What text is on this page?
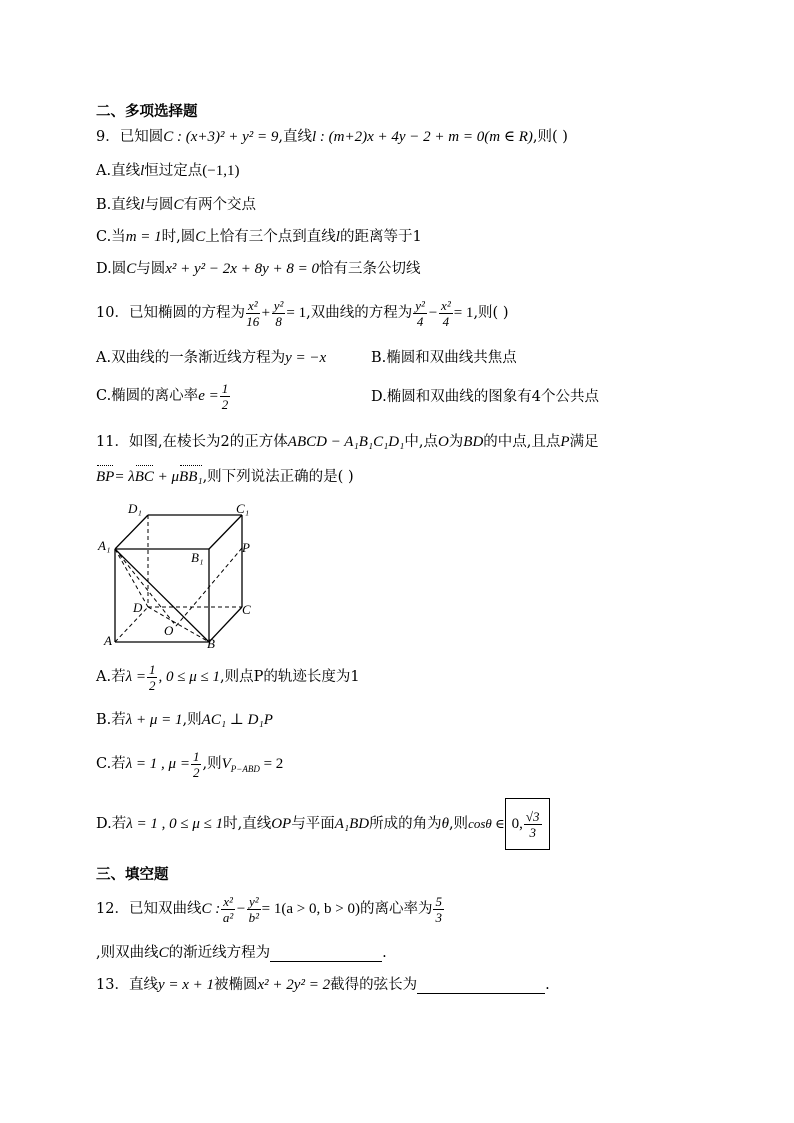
二、多项选择题
9．已知圆C : (x+3)² + y² = 9,直线l : (m+2)x + 4y − 2 + m = 0(m ∈ R),则( )
A.直线l恒过定点(−1,1)
B.直线l与圆C有两个交点
C.当m = 1时,圆C上恰有三个点到直线l的距离等于1
D.圆C与圆x² + y² − 2x + 8y + 8 = 0恰有三条公切线
10．已知椭圆的方程为 $\frac{\text{x²}}{16} + \frac{\text{y²}}{8} = 1$,双曲线的方程为 $\frac{\text{y²}}{4} - \frac{\text{x²}}{4} = 1$,则( )
A.双曲线的一条渐近线方程为y = −x	B.椭圆和双曲线共焦点
C.椭圆的离心率$e = \frac{1}{2}$	D.椭圆和双曲线的图象有4个公共点
11．如图,在棱长为2的正方体ABCD − A₁B₁C₁D₁中,点O为BD的中点,且点P满足
BP= λBC + μBB₁,则下列说法正确的是( )
D₁	C₁
A₁
B₁
P
D	C
A	B
O
A.若$\lambda = \frac{1}{2}$ , 0 ≤ μ ≤ 1,则点P的轨迹长度为1
B.若λ + μ = 1,则AC₁ ⊥ D₁P
C.若λ = 1 , $\mu = \frac{1}{2}$ ,则$V_{P-ABD} = 2$
D.若λ = 1 , 0 ≤ μ ≤ 1时,直线OP与平面A₁BD所成的角为θ,则cosθ ∈ 0, $\frac{√3}{3}$
三、填空题
12．已知双曲线C : $\frac{\text{x²}}{\text{a²}} - \frac{\text{y²}}{\text{b²}} = 1(a > 0$, b > 0)的离心率为 $\frac{5}{3}$
,则双曲线C的渐近线方程为	.
13．直线y = x + 1被椭圆x² + 2y² = 2截得的弦长为	.
